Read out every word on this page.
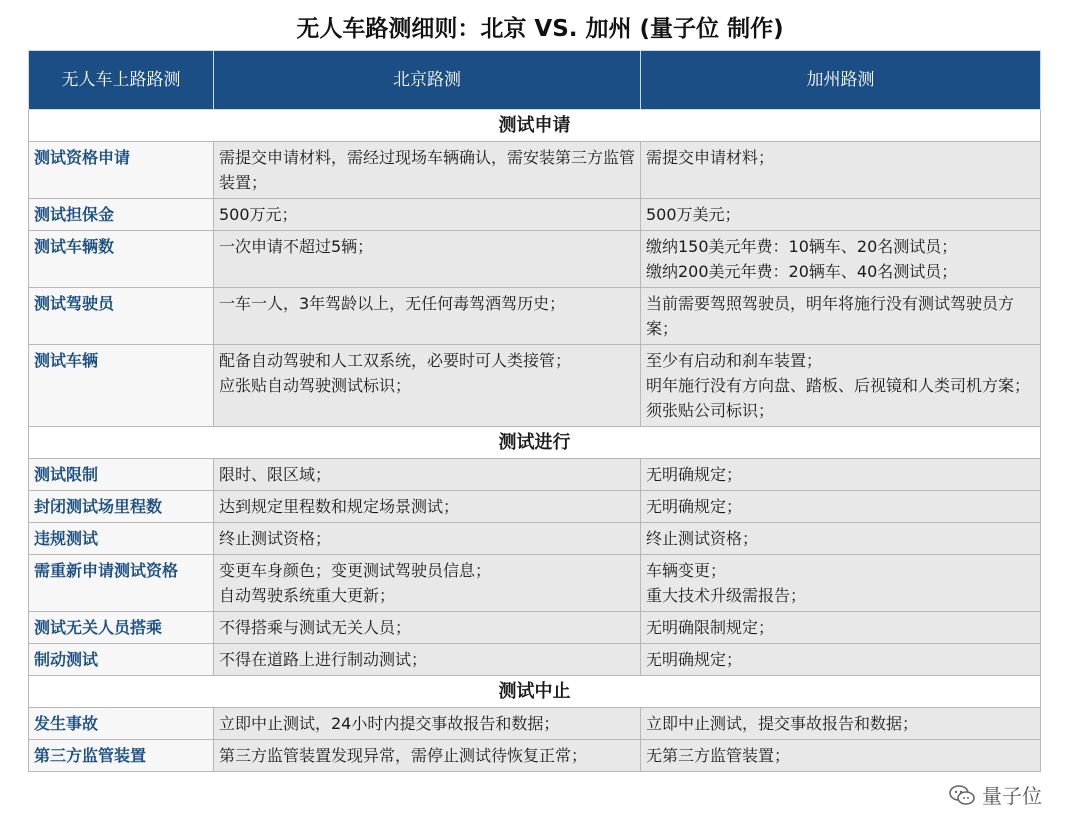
无人车路测细则：北京 VS. 加州 (量子位 制作)
无人车上路路测	北京路测	加州路测
测试申请		
测试资格申请	需提交申请材料，需经过现场车辆确认，需安装第三方监管装置；	需提交申请材料；

测试担保金	500万元；	500万美元；

测试车辆数	一次申请不超过5辆；	缴纳150美元年费：10辆车、20名测试员；
缴纳200美元年费：20辆车、40名测试员；

测试驾驶员	一车一人，3年驾龄以上，无任何毒驾酒驾历史；	当前需要驾照驾驶员，明年将施行没有测试驾驶员方案；

测试车辆	配备自动驾驶和人工双系统，必要时可人类接管；
应张贴自动驾驶测试标识；	至少有启动和刹车装置；
明年施行没有方向盘、踏板、后视镜和人类司机方案；
须张贴公司标识；

测试进行		
测试限制	限时、限区域；	无明确规定；

封闭测试场里程数	达到规定里程数和规定场景测试；	无明确规定；

违规测试	终止测试资格；	终止测试资格；

需重新申请测试资格	变更车身颜色；变更测试驾驶员信息；
自动驾驶系统重大更新；	车辆变更；
重大技术升级需报告；

测试无关人员搭乘	不得搭乘与测试无关人员；	无明确限制规定；

制动测试	不得在道路上进行制动测试；	无明确规定；

测试中止		
发生事故	立即中止测试，24小时内提交事故报告和数据；	立即中止测试，提交事故报告和数据；

第三方监管装置	第三方监管装置发现异常，需停止测试待恢复正常；	无第三方监管装置；
量子位
